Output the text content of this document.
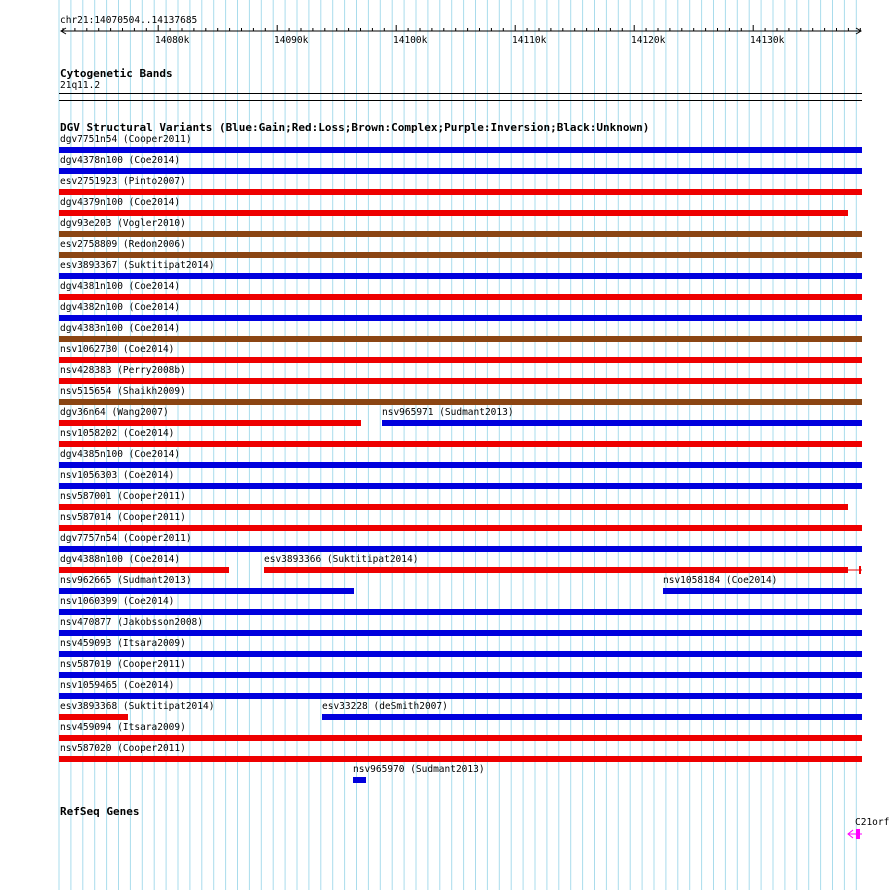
chr21:14070504..14137685
14080k	14090k	14100k	14110k	14120k	14130k
Cytogenetic Bands
21q11.2
DGV Structural Variants (Blue:Gain;Red:Loss;Brown:Complex;Purple:Inversion;Black:Unknown)
dgv7751n54 (Cooper2011)
dgv4378n100 (Coe2014)
esv2751923 (Pinto2007)
dgv4379n100 (Coe2014)
dgv93e203 (Vogler2010)
esv2758809 (Redon2006)
esv3893367 (Suktitipat2014)
dgv4381n100 (Coe2014)
dgv4382n100 (Coe2014)
dgv4383n100 (Coe2014)
nsv1062730 (Coe2014)
nsv428383 (Perry2008b)
nsv515654 (Shaikh2009)
dgv36n64 (Wang2007)	nsv965971 (Sudmant2013)
nsv1058202 (Coe2014)
dgv4385n100 (Coe2014)
nsv1056303 (Coe2014)
nsv587001 (Cooper2011)
nsv587014 (Cooper2011)
dgv7757n54 (Cooper2011)
dgv4388n100 (Coe2014)	esv3893366 (Suktitipat2014)
nsv962665 (Sudmant2013)	nsv1058184 (Coe2014)
nsv1060399 (Coe2014)
nsv470877 (Jakobsson2008)
nsv459093 (Itsara2009)
nsv587019 (Cooper2011)
nsv1059465 (Coe2014)
esv3893368 (Suktitipat2014)	esv33228 (deSmith2007)
nsv459094 (Itsara2009)
nsv587020 (Cooper2011)
nsv965970 (Sudmant2013)
RefSeq Genes
C21orf
